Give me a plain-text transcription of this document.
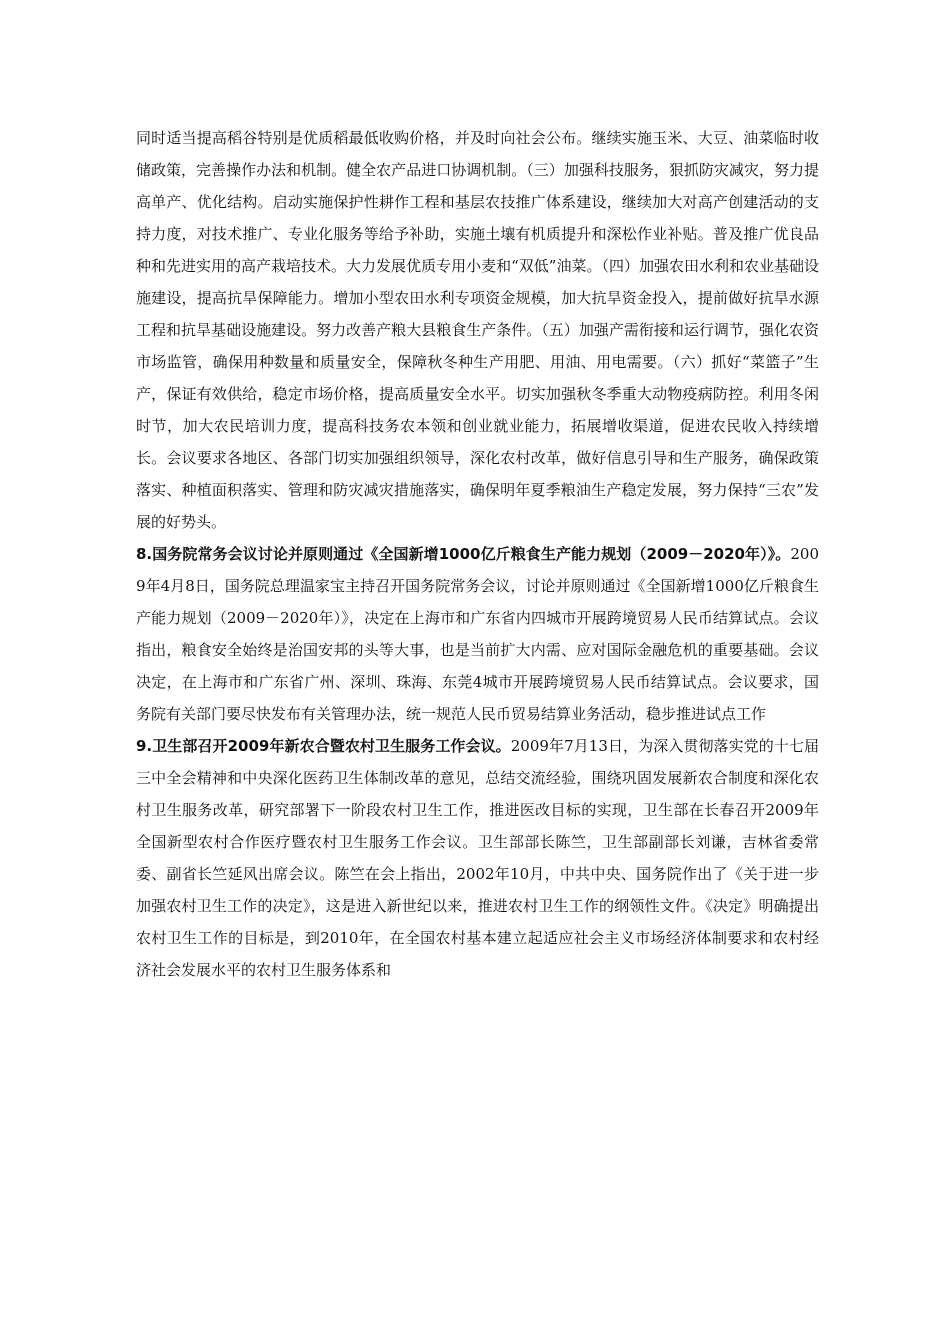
同时适当提高稻谷特别是优质稻最低收购价格，并及时向社会公布。继续实施玉米、大豆、油菜临时收储政策，完善操作办法和机制。健全农产品进口协调机制。（三）加强科技服务，狠抓防灾减灾，努力提高单产、优化结构。启动实施保护性耕作工程和基层农技推广体系建设，继续加大对高产创建活动的支持力度，对技术推广、专业化服务等给予补助，实施土壤有机质提升和深松作业补贴。普及推广优良品种和先进实用的高产栽培技术。大力发展优质专用小麦和“双低”油菜。（四）加强农田水利和农业基础设施建设，提高抗旱保障能力。增加小型农田水利专项资金规模，加大抗旱资金投入，提前做好抗旱水源工程和抗旱基础设施建设。努力改善产粮大县粮食生产条件。（五）加强产需衔接和运行调节，强化农资市场监管，确保用种数量和质量安全，保障秋冬种生产用肥、用油、用电需要。（六）抓好“菜篮子”生产，保证有效供给，稳定市场价格，提高质量安全水平。切实加强秋冬季重大动物疫病防控。利用冬闲时节，加大农民培训力度，提高科技务农本领和创业就业能力，拓展增收渠道，促进农民收入持续增长。会议要求各地区、各部门切实加强组织领导，深化农村改革，做好信息引导和生产服务，确保政策落实、种植面积落实、管理和防灾减灾措施落实，确保明年夏季粮油生产稳定发展，努力保持“三农”发展的好势头。

8.国务院常务会议讨论并原则通过《全国新增1000亿斤粮食生产能力规划（2009－2020年）》。2009年4月8日，国务院总理温家宝主持召开国务院常务会议，讨论并原则通过《全国新增1000亿斤粮食生产能力规划（2009－2020年）》，决定在上海市和广东省内四城市开展跨境贸易人民币结算试点。会议指出，粮食安全始终是治国安邦的头等大事，也是当前扩大内需、应对国际金融危机的重要基础。会议决定，在上海市和广东省广州、深圳、珠海、东莞4城市开展跨境贸易人民币结算试点。会议要求，国务院有关部门要尽快发布有关管理办法，统一规范人民币贸易结算业务活动，稳步推进试点工作

9.卫生部召开2009年新农合暨农村卫生服务工作会议。2009年7月13日，为深入贯彻落实党的十七届三中全会精神和中央深化医药卫生体制改革的意见，总结交流经验，围绕巩固发展新农合制度和深化农村卫生服务改革，研究部署下一阶段农村卫生工作，推进医改目标的实现，卫生部在长春召开2009年全国新型农村合作医疗暨农村卫生服务工作会议。卫生部部长陈竺，卫生部副部长刘谦，吉林省委常委、副省长竺延风出席会议。陈竺在会上指出，2002年10月，中共中央、国务院作出了《关于进一步加强农村卫生工作的决定》，这是进入新世纪以来，推进农村卫生工作的纲领性文件。《决定》明确提出农村卫生工作的目标是，到2010年，在全国农村基本建立起适应社会主义市场经济体制要求和农村经济社会发展水平的农村卫生服务体系和
